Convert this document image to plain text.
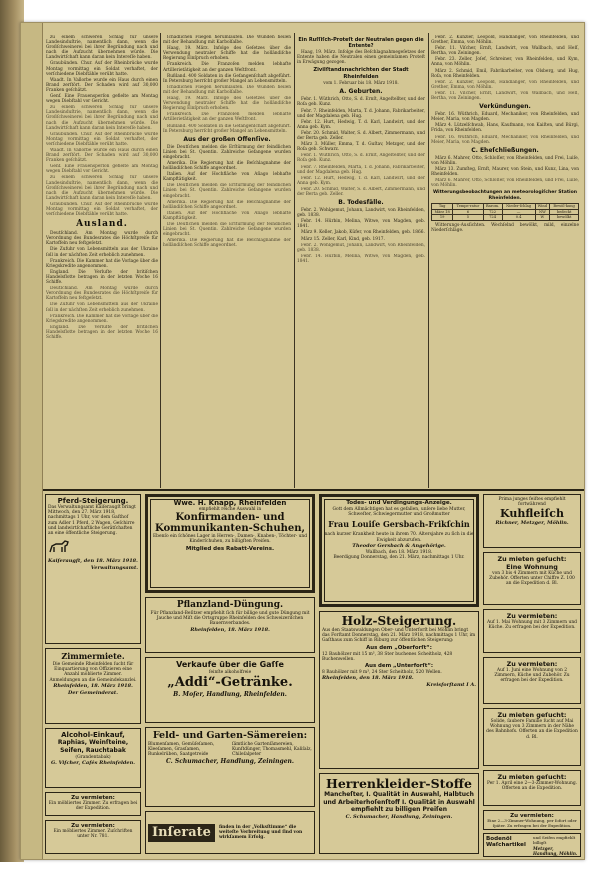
zu einem schweren Schlag für unsere Landesinduſtrie, namentlich dann, wenn die Großſchweinerei bei ihrer Begründung nach und nach die Aufzucht übernehmen würde. Die Landwirtſchaft kann daran kein Intereſſe haben.

Graubünden. Chur. Auf der Rheinbrücke wurde Montag vormittag ein Soldat verhaftet, der verſchiedene Diebſtähle verübt hatte.

Waadt. In Vallorbe wurde ein Haus durch einen Brand zerſtört. Der Schaden wird auf 30,000 Franken geſchätzt.

Genf. Eine Frauensperſon gefielte am Montag wegen Diebſtahl vor Gericht.

zu einem schweren Schlag für unsere Landesinduſtrie, namentlich dann, wenn die Großſchweinerei bei ihrer Begründung nach und nach die Aufzucht übernehmen würde. Die Landwirtſchaft kann daran kein Intereſſe haben.

Graubünden. Chur. Auf der Rheinbrücke wurde Montag vormittag ein Soldat verhaftet, der verſchiedene Diebſtähle verübt hatte.

Waadt. In Vallorbe wurde ein Haus durch einen Brand zerſtört. Der Schaden wird auf 30,000 Franken geſchätzt.

Genf. Eine Frauensperſon gefielte am Montag wegen Diebſtahl vor Gericht.

zu einem schweren Schlag für unsere Landesinduſtrie, namentlich dann, wenn die Großſchweinerei bei ihrer Begründung nach und nach die Aufzucht übernehmen würde. Die Landwirtſchaft kann daran kein Intereſſe haben.

Graubünden. Chur. Auf der Rheinbrücke wurde Montag vormittag ein Soldat verhaftet, der verſchiedene Diebſtähle verübt hatte.

Ausland.

Deutſchland. Am Montag wurde durch Verordnung des Bundesrates die Höchſtpreiſe für Kartoffeln neu feſtgeſetzt.

Die Zufuhr von Lebensmitteln aus der Ukraine ſoll in der nächſten Zeit erheblich zunehmen.

Frankreich. Die Kammer hat die Vorlage über die Kriegskredite angenommen.

England. Die Verluſte der britiſchen Handelsflotte betragen in der letzten Woche 16 Schiffe.

Deutſchland. Am Montag wurde durch Verordnung des Bundesrates die Höchſtpreiſe für Kartoffeln neu feſtgeſetzt.

Die Zufuhr von Lebensmitteln aus der Ukraine ſoll in der nächſten Zeit erheblich zunehmen.

Frankreich. Die Kammer hat die Vorlage über die Kriegskredite angenommen.

England. Die Verluſte der britiſchen Handelsflotte betragen in der letzten Woche 16 Schiffe.

ſchädlichen Fliegen herumlaufen. Die Wunden heilen mit der Behandlung mit Karbolſalbe.

Haag, 19. März. Infolge des Geſetzes über die Verwendung neutraler Schiffe hat die holländiſche Regierung Einſpruch erhoben.

Frankreich. Die Franzoſen melden lebhafte Artillerietätigkeit an der ganzen Weſtfront.

Rußland. 400 Soldaten in die Gefangenſchaft abgeführt. In Petersburg herrſcht großer Mangel an Lebensmitteln.

ſchädlichen Fliegen herumlaufen. Die Wunden heilen mit der Behandlung mit Karbolſalbe.

Haag, 19. März. Infolge des Geſetzes über die Verwendung neutraler Schiffe hat die holländiſche Regierung Einſpruch erhoben.

Frankreich. Die Franzoſen melden lebhafte Artillerietätigkeit an der ganzen Weſtfront.

Rußland. 400 Soldaten in die Gefangenſchaft abgeführt. In Petersburg herrſcht großer Mangel an Lebensmitteln.

Aus der großen Offenſive.

Die Deutſchen melden die Erſtürmung der feindlichen Linien bei St. Quentin. Zahlreiche Gefangene wurden eingebracht.

Amerika. Die Regierung hat die Beſchlagnahme der holländiſchen Schiffe angeordnet.

Italien. Auf der Hochfläche von Aſiago lebhafte Kampftätigkeit.

Die Deutſchen melden die Erſtürmung der feindlichen Linien bei St. Quentin. Zahlreiche Gefangene wurden eingebracht.

Amerika. Die Regierung hat die Beſchlagnahme der holländiſchen Schiffe angeordnet.

Italien. Auf der Hochfläche von Aſiago lebhafte Kampftätigkeit.

Die Deutſchen melden die Erſtürmung der feindlichen Linien bei St. Quentin. Zahlreiche Gefangene wurden eingebracht.

Amerika. Die Regierung hat die Beſchlagnahme der holländiſchen Schiffe angeordnet.

Ein Ruſſiſch-Proteſt der Neutralen gegen die Entente?

Haag, 19. März. Infolge des Beſchlagnahmegeſetzes der Entente haben die Neutralen einen gemeinſamen Proteſt in Erwägung gezogen.

Zivilſtandsnachrichten der Stadt Rheinfelden

vom 1. Februar bis 18. März 1918.

A. Geburten.

Febr. 1. Wüthrich, Otto, S. d. Ernſt, Angeſtellter, und der Roſa geb. Kunz.

Febr. 7. Rheinfelden, Marta, T. d. Johann, Fabrikarbeiter, und der Magdalena geb. Hug.

Febr. 12. Hurt, Hedwig, T. d. Karl, Landwirt, und der Anna geb. Kym.

Febr. 20. Schmid, Walter, S. d. Albert, Zimmermann, und der Berta geb. Zeller.

März 3. Müller, Emma, T. d. Guſtav, Metzger, und der Roſa geb. Schwarz.

Febr. 1. Wüthrich, Otto, S. d. Ernſt, Angeſtellter, und der Roſa geb. Kunz.

Febr. 7. Rheinfelden, Marta, T. d. Johann, Fabrikarbeiter, und der Magdalena geb. Hug.

Febr. 12. Hurt, Hedwig, T. d. Karl, Landwirt, und der Anna geb. Kym.

Febr. 20. Schmid, Walter, S. d. Albert, Zimmermann, und der Berta geb. Zeller.

B. Todesfälle.

Febr. 2. Wohlgemut, Johann, Landwirt, von Rheinfelden, geb. 1838.

Febr. 14. Hürbin, Melina, Witwe, von Magden, geb. 1841.

März 9. Keller, Jakob, Küfer, von Rheinfelden, geb. 1866.

März 15. Zeller, Karl, Kind, geb. 1917.

Febr. 2. Wohlgemut, Johann, Landwirt, von Rheinfelden, geb. 1838.

Febr. 14. Hürbin, Melina, Witwe, von Magden, geb. 1841.

Febr. 2. Künzler, Leopold, Handlanger, von Rheinfelden, und Grether, Emma, von Möhlin.

Febr. 11. Viſcher, Ernſt, Landwirt, von Wallbach, und Heſſ, Bertha, von Zeiningen.

Febr. 23. Zeller, Joſef, Schreiner, von Rheinfelden, und Kym, Anna, von Möhlin.

März 2. Schmid, Emil, Fabrikarbeiter, von Olsberg, und Hug, Roſa, von Rheinfelden.

Febr. 2. Künzler, Leopold, Handlanger, von Rheinfelden, und Grether, Emma, von Möhlin.

Febr. 11. Viſcher, Ernſt, Landwirt, von Wallbach, und Heſſ, Bertha, von Zeiningen.

Verkündungen.

Febr. 16. Wüthrich, Eduard, Mechaniker, von Rheinfelden, und Meier, Maria, von Magden.

März 4. Lützelſchwab, Hans, Kaufmann, von Kaiſten, und Bürgi, Frida, von Rheinfelden.

Febr. 16. Wüthrich, Eduard, Mechaniker, von Rheinfelden, und Meier, Maria, von Magden.

C. Eheſchließungen.

März 6. Mahrer, Otto, Schloſſer, von Rheinfelden, und Frei, Luiſe, von Möhlin.

März 13. Zumſteg, Ernſt, Maurer, von Stein, und Kunz, Lina, von Rheinfelden.

März 6. Mahrer, Otto, Schloſſer, von Rheinfelden, und Frei, Luiſe, von Möhlin.

Witterungsbeobachtungen an meteorologiſcher Station Rheinfelden.
Tag	Tempe-ratur	Barom.	Nieder-ſchlag	Wind	Bewöl-kung
März 18	6	722	—	NW	bedeckt
19	5	724	0.4	W	bewölkt

Witterungs-Ausſichten. Wechſelnd bewölkt, mild, einzelne Niederſchläge.

Pferd-Steigerung.
Das Verwaltungsamt Kaiſeraugſt bringt Mittwoch, den 27. März 1918, nachmittags 1 Uhr, vor dem Gaſthof zum Adler 1 Pferd, 2 Wagen, Geſchirre und landwirtſchaftliche Gerätſchaften an eine öffentliche Steigerung.
Kaiſeraugſt, den 18. März 1918.
Verwaltungsamt.
Wwe. H. Knapp, Rheinfelden
empfiehlt reiche Auswahl in
Konfirmanden- und
Kommunikanten-Schuhen,
Ebenſo ein ſchönes Lager in Herren-, Damen-, Knaben-, Töchter- und Kinderſchuhen, zu billigſten Preiſen.
Mitglied des Rabatt-Vereins.
Todes- und Verdingungs-Anzeige.
Gott dem Allmächtigen hat es gefallen, unſere liebe Mutter, Schweſter, Schwiegermutter und Großmutter
Frau Louiſe Gersbach-Frikſchin
nach kurzer Krankheit heute in ihrem 70. Altersjahre zu ſich in die Ewigkeit abzurufen.
Theodor Gersbach & Angehörige.
Wallbach, den 18. März 1918.
Beerdigung Donnerstag, den 21. März, nachmittags 1 Uhr.
Prima junges feiſtes empfiehlt fortwährend
Kuhfleiſch
Richner, Metzger, Möhlin.
Zu mieten geſucht:
Eine Wohnung
von 3 bis 4 Zimmern mit Küche und Zubehör. Offerten unter Chiffre Z. 100 an die Expedition d. Bl.
Pflanzland-Düngung.
Für Pflanzland-Beſitzer empfiehlt ſich für billige und gute Düngung mit Jauche und Miſt die Ortsgruppe Rheinfelden des Schweizeriſchen Bauernverbandes.
Rheinfelden, 18. März 1918.
Zimmermiete.
Die Gemeinde Rheinfelden ſucht für Einquartierung von Offizieren eine Anzahl möblierte Zimmer. Anmeldungen an die Gemeindekanzlei.
Rheinfelden, 18. März 1918.
Der Gemeinderat.
Verkaufe über die Gaſſe
feinſte alkoholfreie
„Addi“-Getränke.
B. Moſer, Handlung, Rheinfelden.
Holz-Steigerung.
Aus den Staatswaldungen Ober- und Unterforſt bei Möhlin bringt das Forſtamt Donnerstag, den 21. März 1918, nachmittags 1 Uhr, im Gaſthaus zum Schiff in Riburg zur öffentlichen Steigerung:
Aus dem „Oberforſt“:
12 Bauhölzer mit 15 m³, 38 Ster buchenes Scheitholz, 428 Buchenwellen.
Aus dem „Unterforſt“:
8 Bauhölzer mit 9 m³, 24 Ster Scheitholz, 520 Wellen.
Rheinfelden, den 18. März 1918.
Kreisforſtamt I A.
Zu vermieten:
Auf 1. Mai Wohnung mit 3 Zimmern und Küche. Zu erfragen bei der Expedition.
Zu vermieten:
Auf 1. Juni eine Wohnung von 2 Zimmern, Küche und Zubehör. Zu erfragen bei der Expedition.
Zu mieten geſucht:
Solide, ſaubere Familie ſucht auf Mai Wohnung von 3 Zimmern in der Nähe des Bahnhofs. Offerten an die Expedition d. Bl.
Alcohol-Einkauf,
Raphias, Weinſteine, Seifen, Rauchtabak
(Grandentabak)
G. Viſcher, Cafés Rheinfelden.
Feld- und Garten-Sämereien:
Blumenſamen, Gemüſeſamen, Kleeſamen, Grasſamen, Runkelrüben, Saatgetreide
ſämtliche Gartenſämereien, Kunſtdünger, Thomasmehl, Kaliſalz, Chileſalpeter
C. Schumacher, Handlung, Zeiningen.
Zu vermieten:
Ein möbliertes Zimmer. Zu erfragen bei der Expedition.
Zu vermieten:
Ein möbliertes Zimmer. Zuſchriften unter Nr. 781.	Inſerate	finden in der „Volksſtimme“ die weiteſte Verbreitung und ſind von wirkſamem Erfolg.
Herrenkleider-Stoffe
Mancheſter, I. Qualität in Auswahl, Halbtuch und Arbeiterhoſenſtoff I. Qualität in Auswahl empfiehlt zu billigen Preiſen
C. Schumacher, Handlung, Zeiningen.
Zu mieten geſucht:
Per 1. April eine 2—3-Zimmer-Wohnung. Offerten an die Expedition.
Zu vermieten:
Eine 2—3-Zimmer-Wohnung, per ſofort oder ſpäter. Zu erfragen bei der Expedition.
Bodenöl
Waſchartikel
und Seifen empfiehlt billigſt
Metzger, Handlung, Möhlin.
